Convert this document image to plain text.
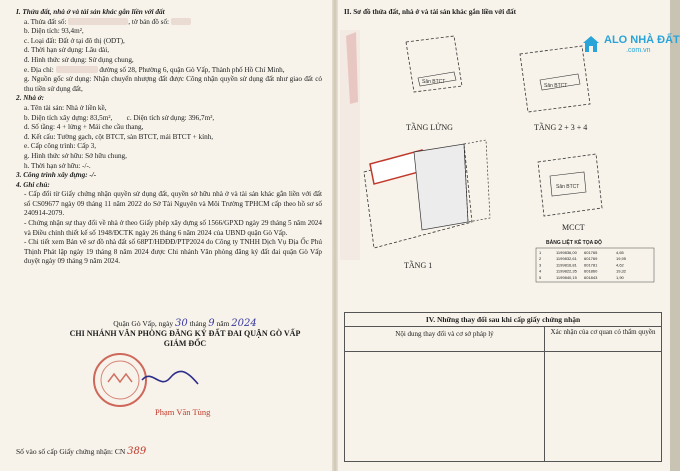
I. Thửa đất, nhà ở và tài sản khác gắn liền với đất
a. Thửa đất số:	, tờ bản đồ số:
b. Diện tích: 93,4m²,
c. Loại đất: Đất ở tại đô thị (ODT),
d. Thời hạn sử dụng: Lâu dài,
đ. Hình thức sử dụng: Sử dụng chung,
e. Địa chỉ:	đường số 28, Phường 6, quận Gò Vấp, Thành phố Hồ Chí Minh,
g. Nguồn gốc sử dụng: Nhận chuyển nhượng đất được Công nhận quyền sử dụng đất như giao đất có thu tiền sử dụng đất,
2. Nhà ở:
a. Tên tài sản: Nhà ở liền kề,
b. Diện tích xây dựng: 83,5m², c. Diện tích sử dụng: 396,7m²,
d. Số tầng: 4 + lửng + Mái che cầu thang,
đ. Kết cấu: Tường gạch, cột BTCT, sàn BTCT, mái BTCT + kính,
e. Cấp công trình: Cấp 3,
g. Hình thức sở hữu: Sở hữu chung,
h. Thời hạn sở hữu: -/-.
3. Công trình xây dựng: -/-
4. Ghi chú:
- Cấp đổi từ Giấy chứng nhận quyền sử dụng đất, quyền sở hữu nhà ở và tài sản khác gắn liền với đất số CS09677 ngày 09 tháng 11 năm 2022 do Sở Tài Nguyên và Môi Trường TPHCM cấp theo hồ sơ số 240914-2079.
- Chứng nhận sự thay đổi về nhà ở theo Giấy phép xây dựng số 1566/GPXD ngày 29 tháng 5 năm 2024 và Điều chỉnh thiết kế số 1948/ĐCTK ngày 26 tháng 6 năm 2024 của UBND quận Gò Vấp.
- Chi tiết xem Bản vẽ sơ đồ nhà đất số 68PT/HĐĐĐ/PTP2024 do Công ty TNHH Dịch Vụ Địa Ốc Phú Thịnh Phát lập ngày 19 tháng 8 năm 2024 được Chi nhánh Văn phòng đăng ký đất đai quận Gò Vấp duyệt ngày 09 tháng 9 năm 2024.
Quận Gò Vấp, ngày 30 tháng 9 năm 2024
CHI NHÁNH VĂN PHÒNG ĐĂNG KÝ ĐẤT ĐAI QUẬN GÒ VẤP
GIÁM ĐỐC
Phạm Văn Tùng
Số vào sổ cấp Giấy chứng nhận: CN 389
II. Sơ đồ thửa đất, nhà ở và tài sản khác gắn liền với đất
Sân BTCT
Sân BTCT
TẦNG LỬNG	TẦNG 2 + 3 + 4
TẦNG 1
Sân BTCT
MCCT
BẢNG LIỆT KÊ TỌA ĐỘ
1	1199836,00 601765	4,65
2	1199832,61 601769	19,95
3	1199816,81 601781	4,62
4	1199822,35 601860	19,32
5	1199840,15 601843	1,90
ALO NHÀ ĐẤT
.com.vn
IV. Những thay đổi sau khi cấp giấy chứng nhận
Nội dung thay đổi và cơ sở pháp lý	Xác nhận của cơ quan có thẩm quyền
